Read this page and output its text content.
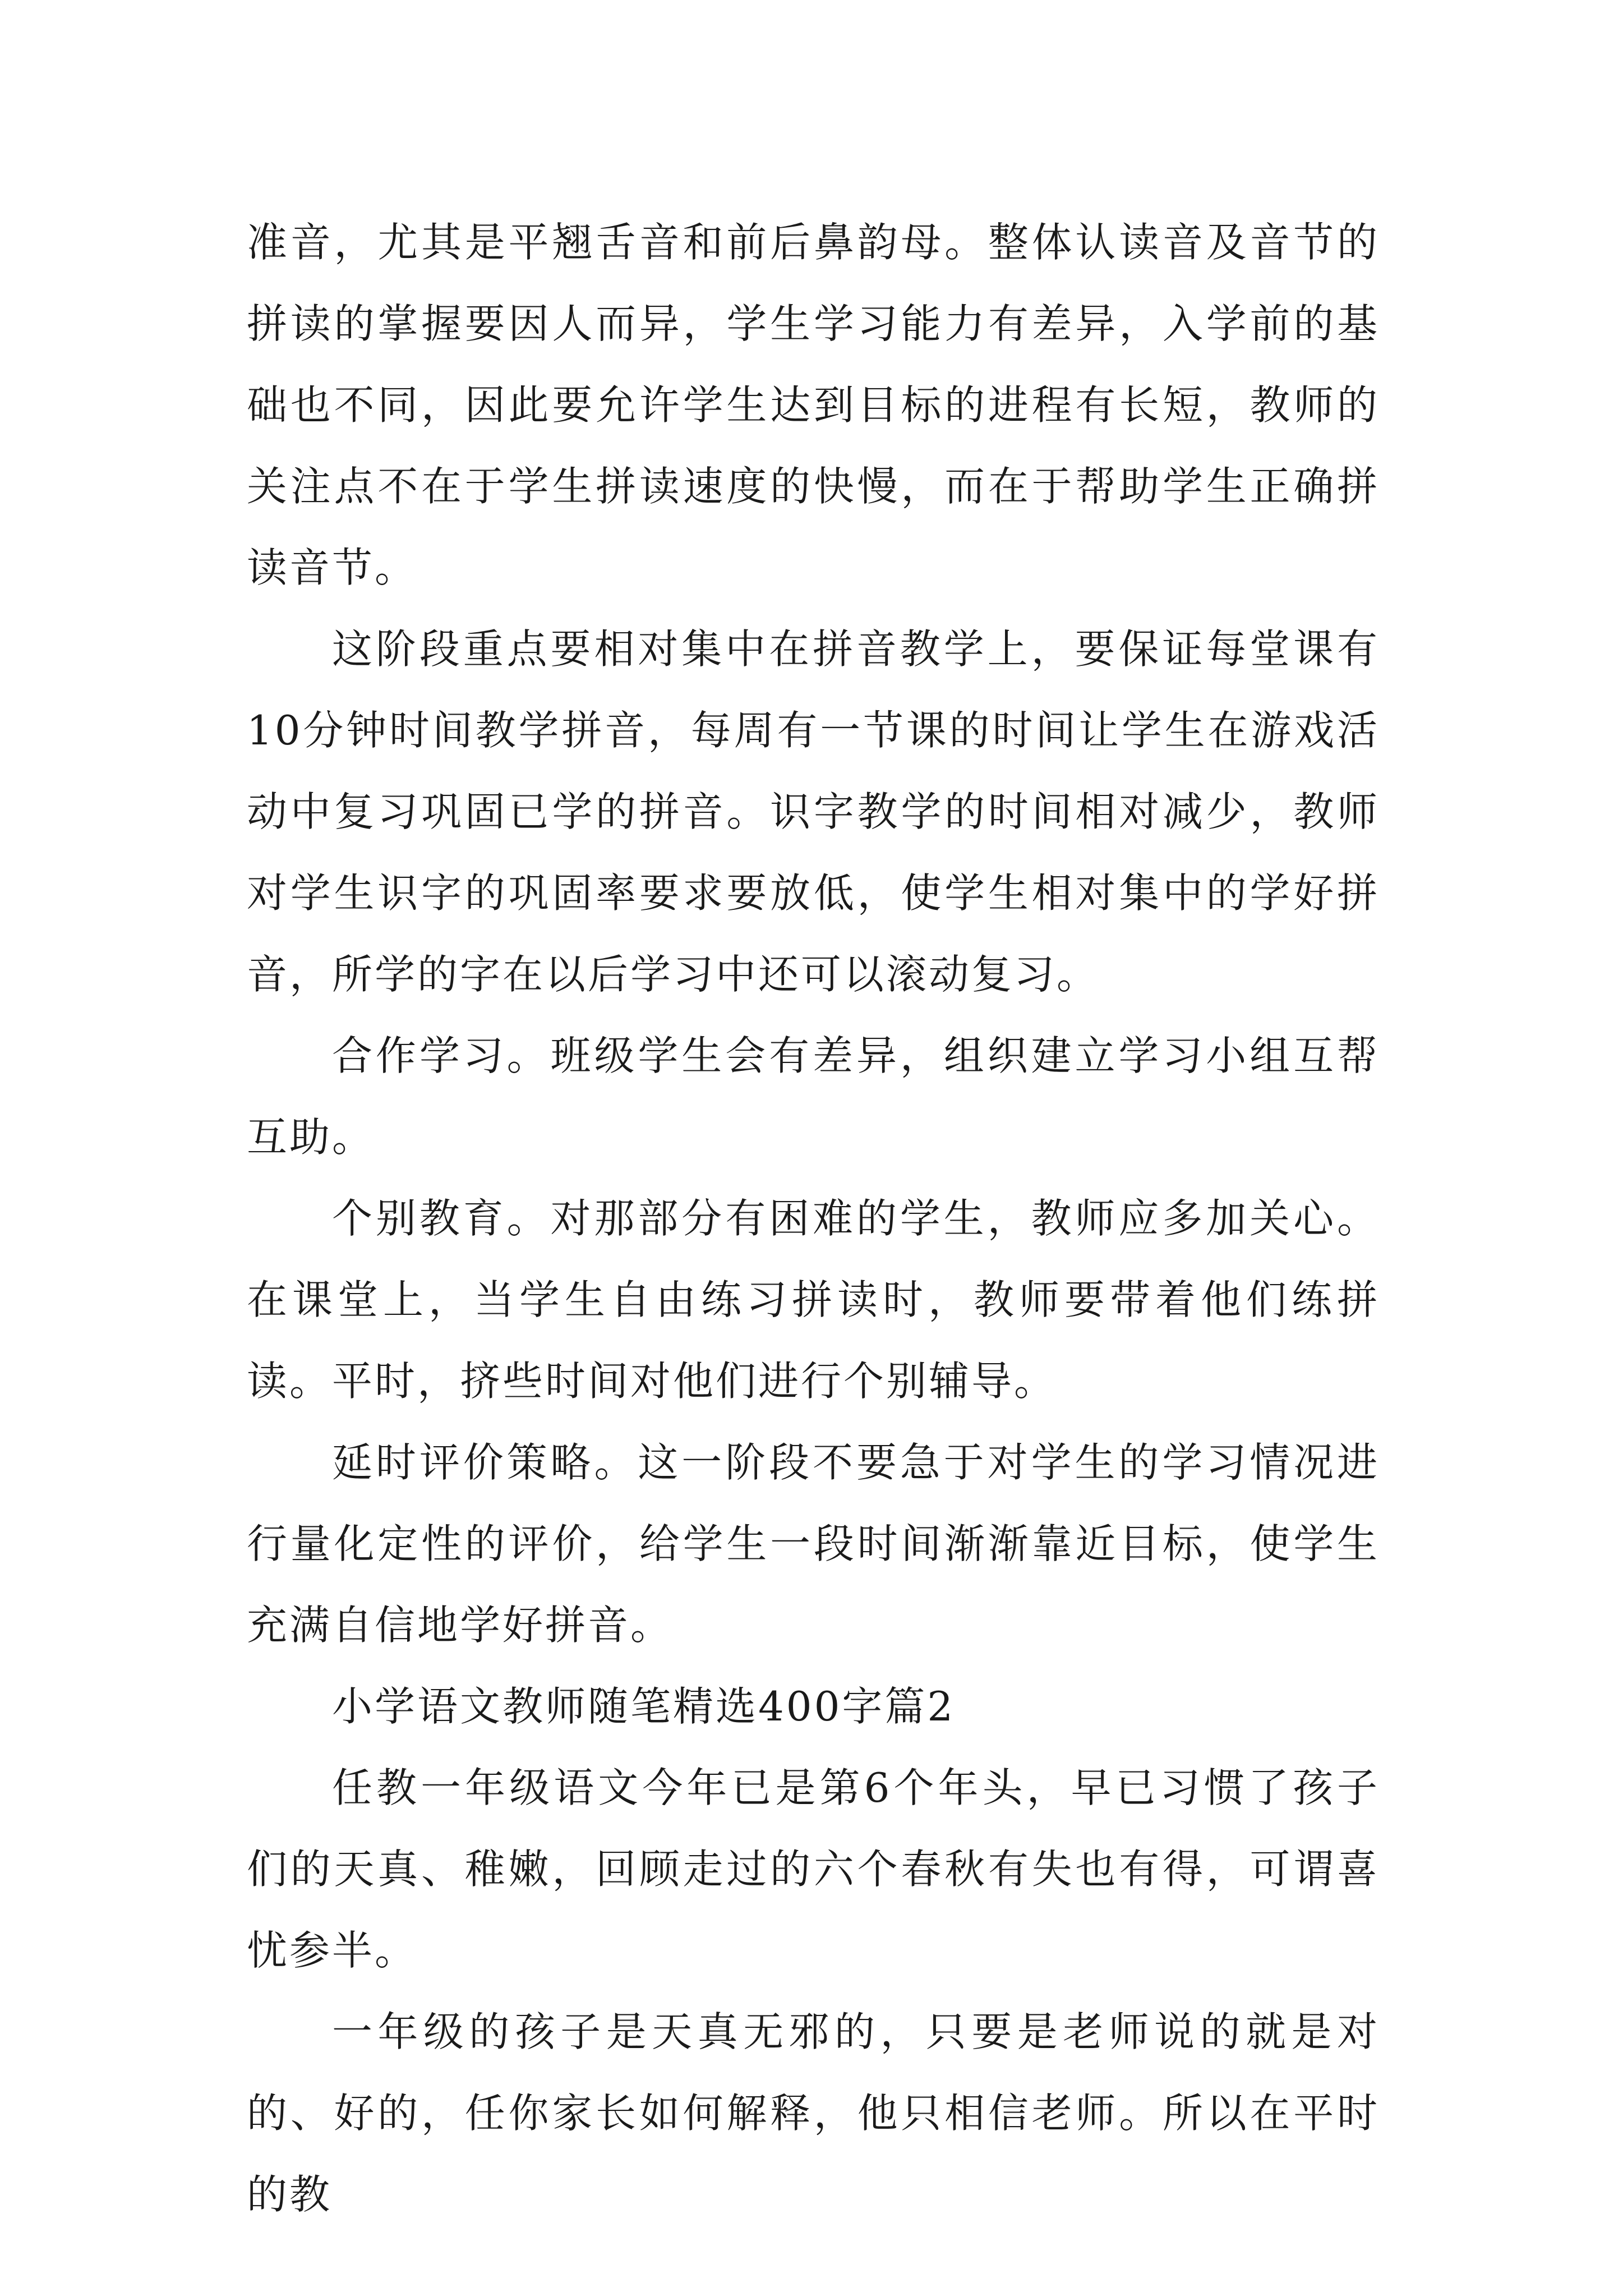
准音，尤其是平翘舌音和前后鼻韵母。整体认读音及音节的拼读的掌握要因人而异，学生学习能力有差异，入学前的基础也不同，因此要允许学生达到目标的进程有长短，教师的关注点不在于学生拼读速度的快慢，而在于帮助学生正确拼读音节。

这阶段重点要相对集中在拼音教学上，要保证每堂课有10分钟时间教学拼音，每周有一节课的时间让学生在游戏活动中复习巩固已学的拼音。识字教学的时间相对减少，教师对学生识字的巩固率要求要放低，使学生相对集中的学好拼音，所学的字在以后学习中还可以滚动复习。

合作学习。班级学生会有差异，组织建立学习小组互帮互助。

个别教育。对那部分有困难的学生，教师应多加关心。在课堂上，当学生自由练习拼读时，教师要带着他们练拼读。平时，挤些时间对他们进行个别辅导。

延时评价策略。这一阶段不要急于对学生的学习情况进行量化定性的评价，给学生一段时间渐渐靠近目标，使学生充满自信地学好拼音。

小学语文教师随笔精选400字篇2

任教一年级语文今年已是第6个年头，早已习惯了孩子们的天真、稚嫩，回顾走过的六个春秋有失也有得，可谓喜忧参半。

一年级的孩子是天真无邪的，只要是老师说的就是对的、好的，任你家长如何解释，他只相信老师。所以在平时的教
